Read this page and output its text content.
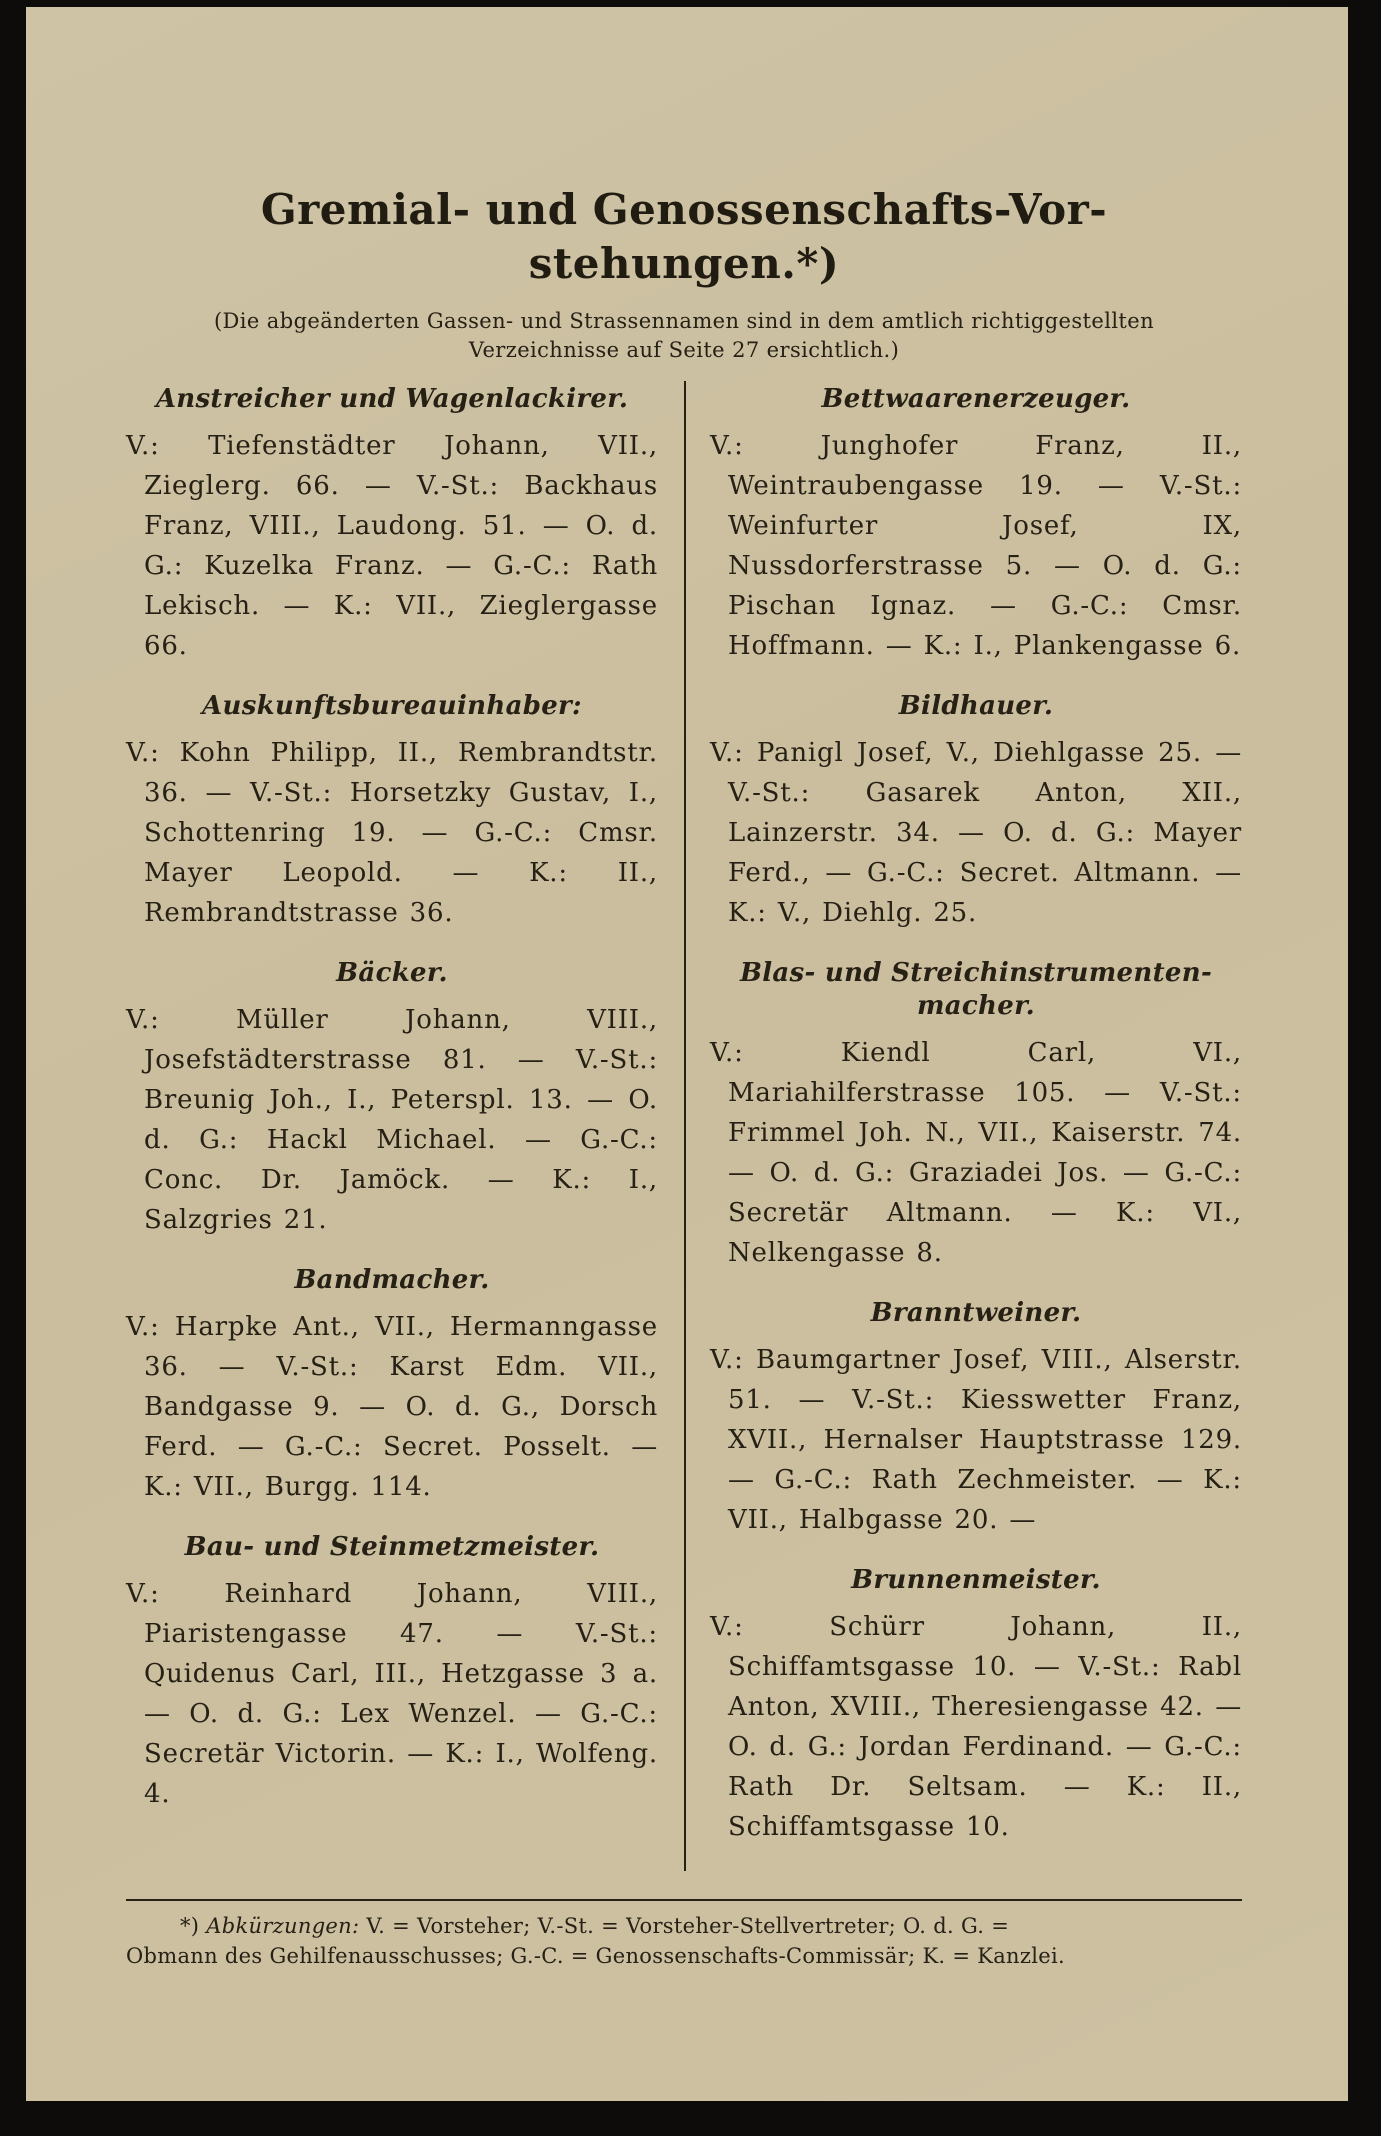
Gremial- und Genossenschafts-Vor-
stehungen.*)

(Die abgeänderten Gassen- und Strassennamen sind in dem amtlich richtiggestellten
Verzeichnisse auf Seite 27 ersichtlich.)

Anstreicher und Wagenlackirer.

V.: Tiefenstädter Johann, VII., Zieglerg. 66. — V.-St.: Backhaus Franz, VIII., Laudong. 51. — O. d. G.: Kuzelka Franz. — G.-C.: Rath Lekisch. — K.: VII., Zieglergasse 66.

Auskunftsbureauinhaber:

V.: Kohn Philipp, II., Rembrandtstr. 36. — V.-St.: Horsetzky Gustav, I., Schottenring 19. — G.-C.: Cmsr. Mayer Leopold. — K.: II., Rembrandtstrasse 36.

Bäcker.

V.: Müller Johann, VIII., Josefstädterstrasse 81. — V.-St.: Breunig Joh., I., Peterspl. 13. — O. d. G.: Hackl Michael. — G.-C.: Conc. Dr. Jamöck. — K.: I., Salzgries 21.

Bandmacher.

V.: Harpke Ant., VII., Hermanngasse 36. — V.-St.: Karst Edm. VII., Bandgasse 9. — O. d. G., Dorsch Ferd. — G.-C.: Secret. Posselt. — K.: VII., Burgg. 114.

Bau- und Steinmetzmeister.

V.: Reinhard Johann, VIII., Piaristengasse 47. — V.-St.: Quidenus Carl, III., Hetzgasse 3 a. — O. d. G.: Lex Wenzel. — G.-C.: Secretär Victorin. — K.: I., Wolfeng. 4.

Bettwaarenerzeuger.

V.: Junghofer Franz, II., Weintraubengasse 19. — V.-St.: Weinfurter Josef, IX, Nussdorferstrasse 5. — O. d. G.: Pischan Ignaz. — G.-C.: Cmsr. Hoffmann. — K.: I., Plankengasse 6.

Bildhauer.

V.: Panigl Josef, V., Diehlgasse 25. — V.-St.: Gasarek Anton, XII., Lainzerstr. 34. — O. d. G.: Mayer Ferd., — G.-C.: Secret. Altmann. — K.: V., Diehlg. 25.

Blas- und Streichinstrumenten-
macher.

V.: Kiendl Carl, VI., Mariahilferstrasse 105. — V.-St.: Frimmel Joh. N., VII., Kaiserstr. 74. — O. d. G.: Graziadei Jos. — G.-C.: Secretär Altmann. — K.: VI., Nelkengasse 8.

Branntweiner.

V.: Baumgartner Josef, VIII., Alserstr. 51. — V.-St.: Kiesswetter Franz, XVII., Hernalser Hauptstrasse 129. — G.-C.: Rath Zechmeister. — K.: VII., Halbgasse 20. —

Brunnenmeister.

V.: Schürr Johann, II., Schiffamtsgasse 10. — V.-St.: Rabl Anton, XVIII., Theresiengasse 42. — O. d. G.: Jordan Ferdinand. — G.-C.: Rath Dr. Seltsam. — K.: II., Schiffamtsgasse 10.

*) Abkürzungen: V. = Vorsteher; V.-St. = Vorsteher-Stellvertreter; O. d. G. =
Obmann des Gehilfenausschusses; G.-C. = Genossenschafts-Commissär; K. = Kanzlei.
